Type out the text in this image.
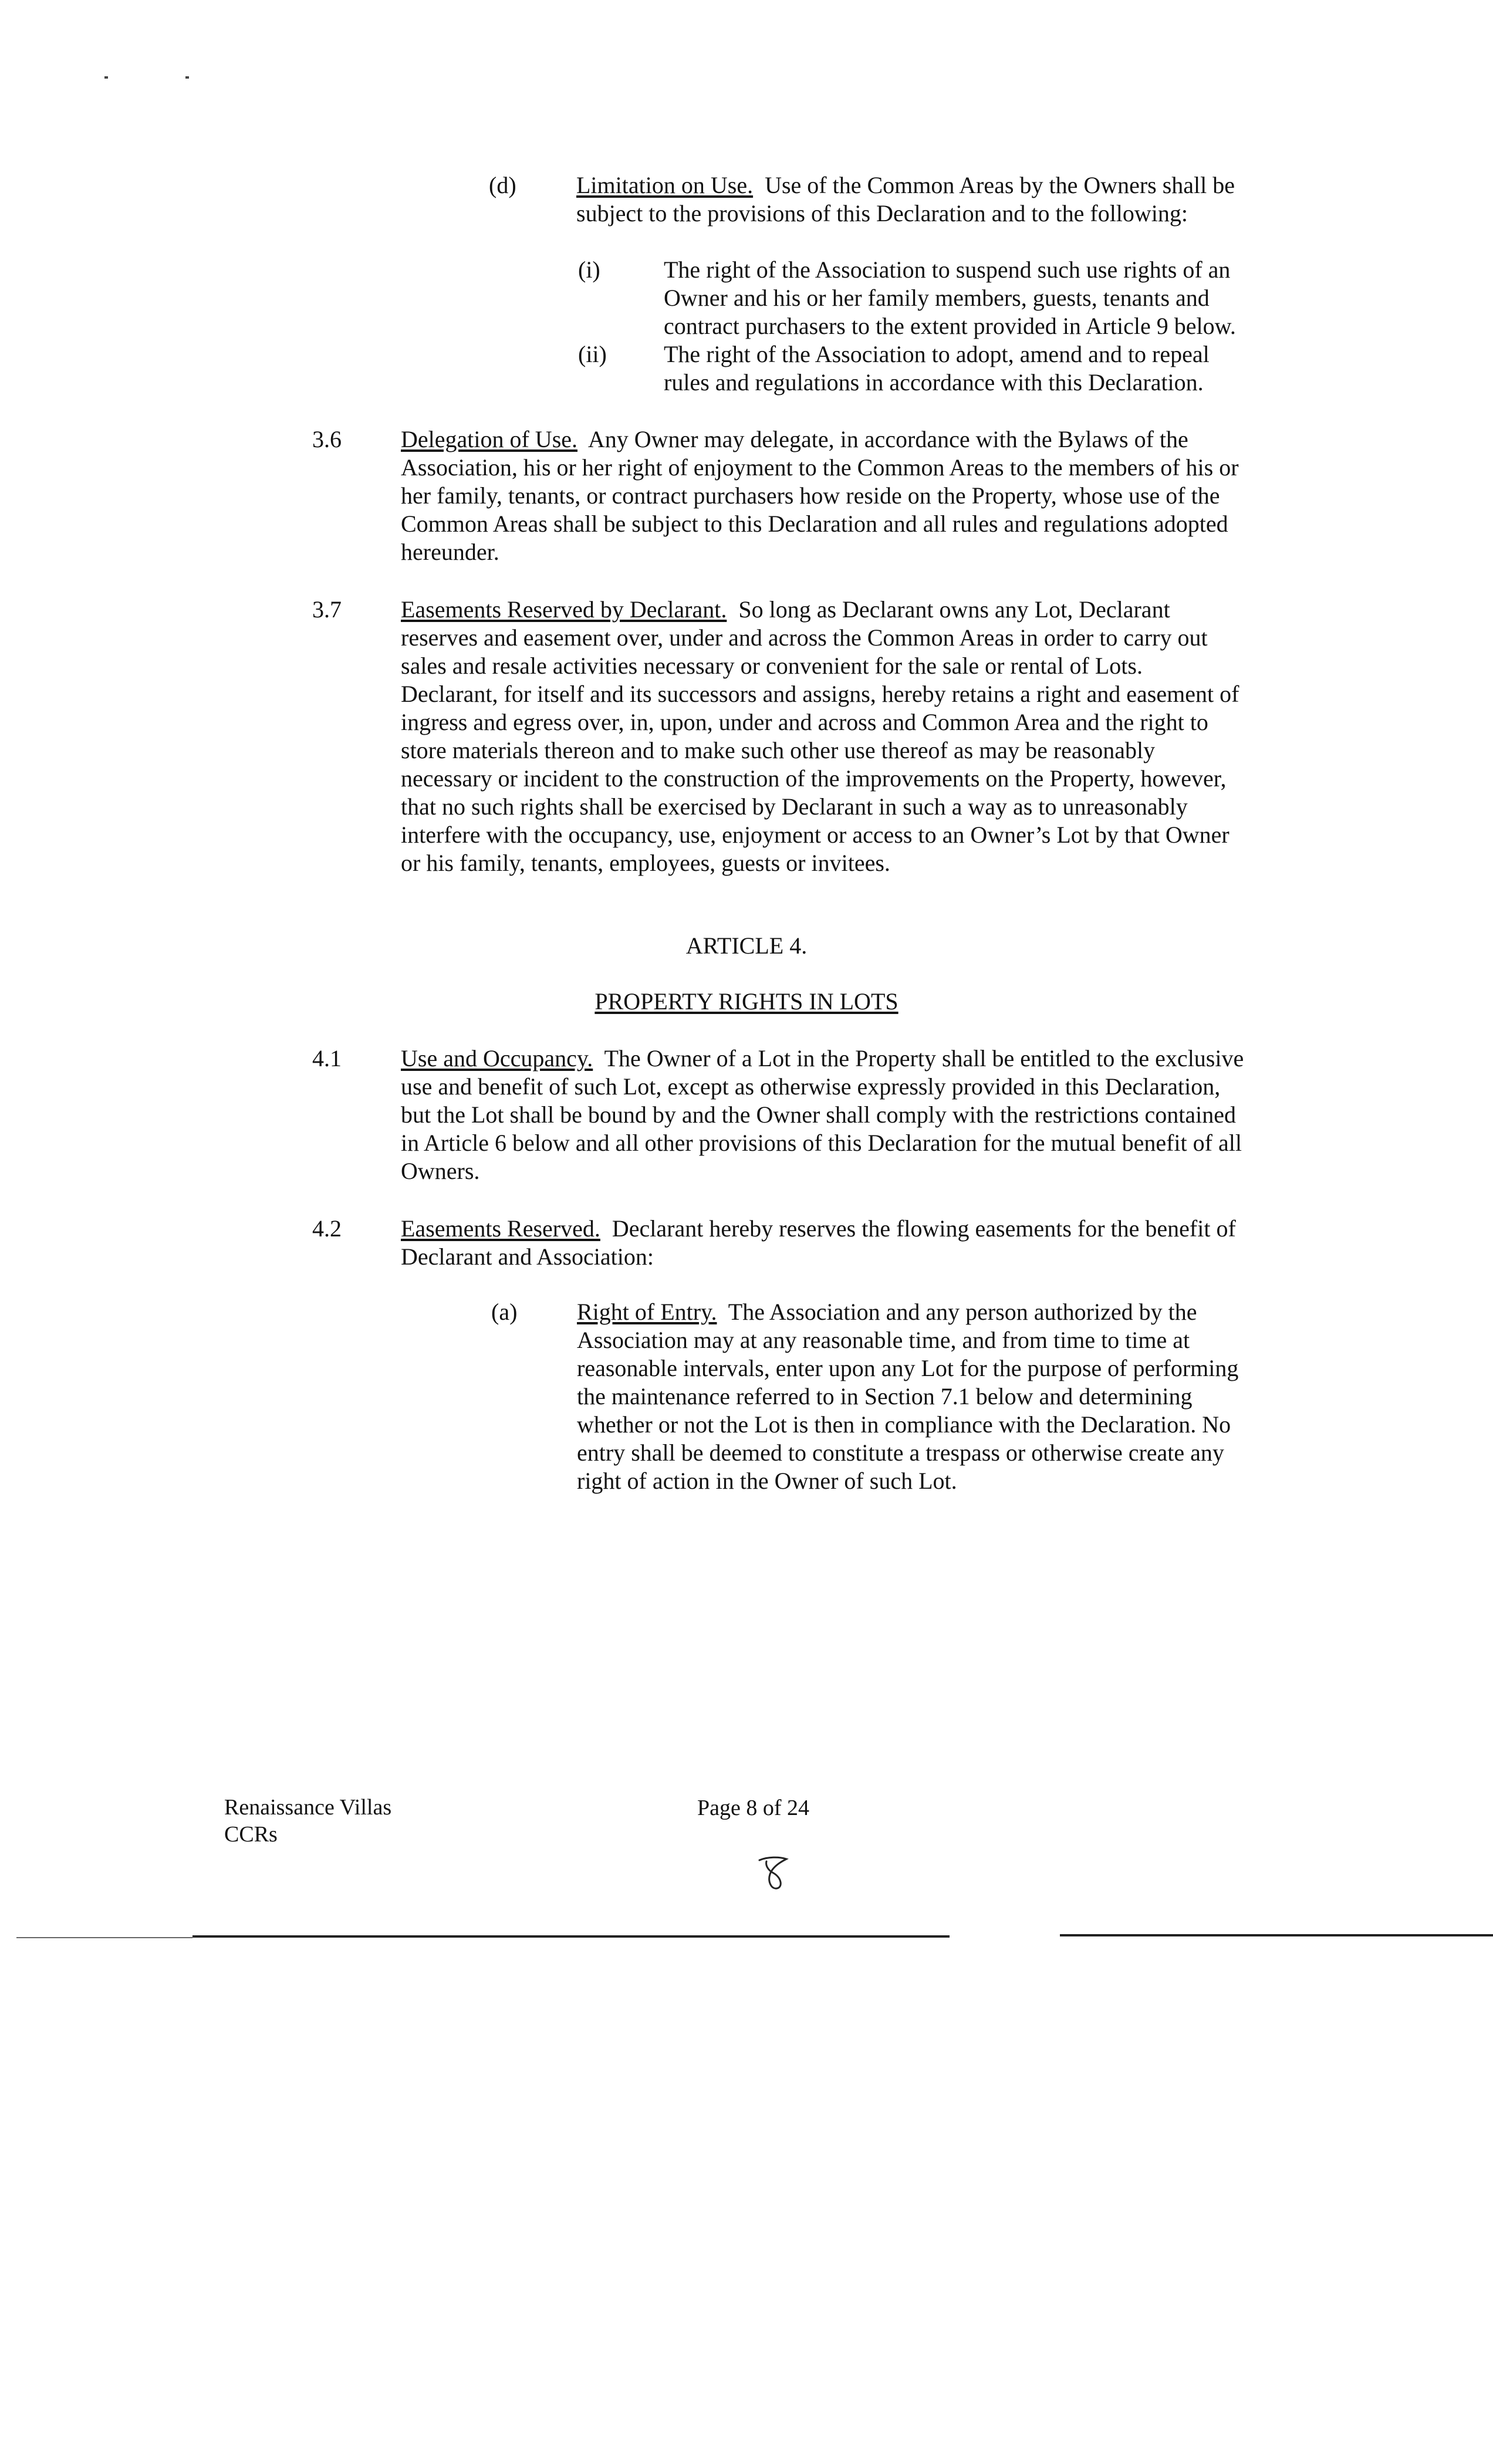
(d)	Limitation on Use. Use of the Common Areas by the Owners shall be

subject to the provisions of this Declaration and to the following:

(i)	The right of the Association to suspend such use rights of an

Owner and his or her family members, guests, tenants and

contract purchasers to the extent provided in Article 9 below.

(ii) The right of the Association to adopt, amend and to repeal

rules and regulations in accordance with this Declaration.

3.6	Delegation of Use. Any Owner may delegate, in accordance with the Bylaws of the

Association, his or her right of enjoyment to the Common Areas to the members of his or

her family, tenants, or contract purchasers how reside on the Property, whose use of the

Common Areas shall be subject to this Declaration and all rules and regulations adopted

hereunder.

3.7	Easements Reserved by Declarant. So long as Declarant owns any Lot, Declarant

reserves and easement over, under and across the Common Areas in order to carry out

sales and resale activities necessary or convenient for the sale or rental of Lots.

Declarant, for itself and its successors and assigns, hereby retains a right and easement of

ingress and egress over, in, upon, under and across and Common Area and the right to

store materials thereon and to make such other use thereof as may be reasonably

necessary or incident to the construction of the improvements on the Property, however,

that no such rights shall be exercised by Declarant in such a way as to unreasonably

interfere with the occupancy, use, enjoyment or access to an Owner’s Lot by that Owner

or his family, tenants, employees, guests or invitees.

ARTICLE 4.
PROPERTY RIGHTS IN LOTS
4.1	Use and Occupancy. The Owner of a Lot in the Property shall be entitled to the exclusive

use and benefit of such Lot, except as otherwise expressly provided in this Declaration,

but the Lot shall be bound by and the Owner shall comply with the restrictions contained

in Article 6 below and all other provisions of this Declaration for the mutual benefit of all

Owners.

4.2	Easements Reserved. Declarant hereby reserves the flowing easements for the benefit of

Declarant and Association:

(a)	Right of Entry. The Association and any person authorized by the

Association may at any reasonable time, and from time to time at

reasonable intervals, enter upon any Lot for the purpose of performing

the maintenance referred to in Section 7.1 below and determining

whether or not the Lot is then in compliance with the Declaration. No

entry shall be deemed to constitute a trespass or otherwise create any

right of action in the Owner of such Lot.

Renaissance Villas
CCRs
Page 8 of 24
